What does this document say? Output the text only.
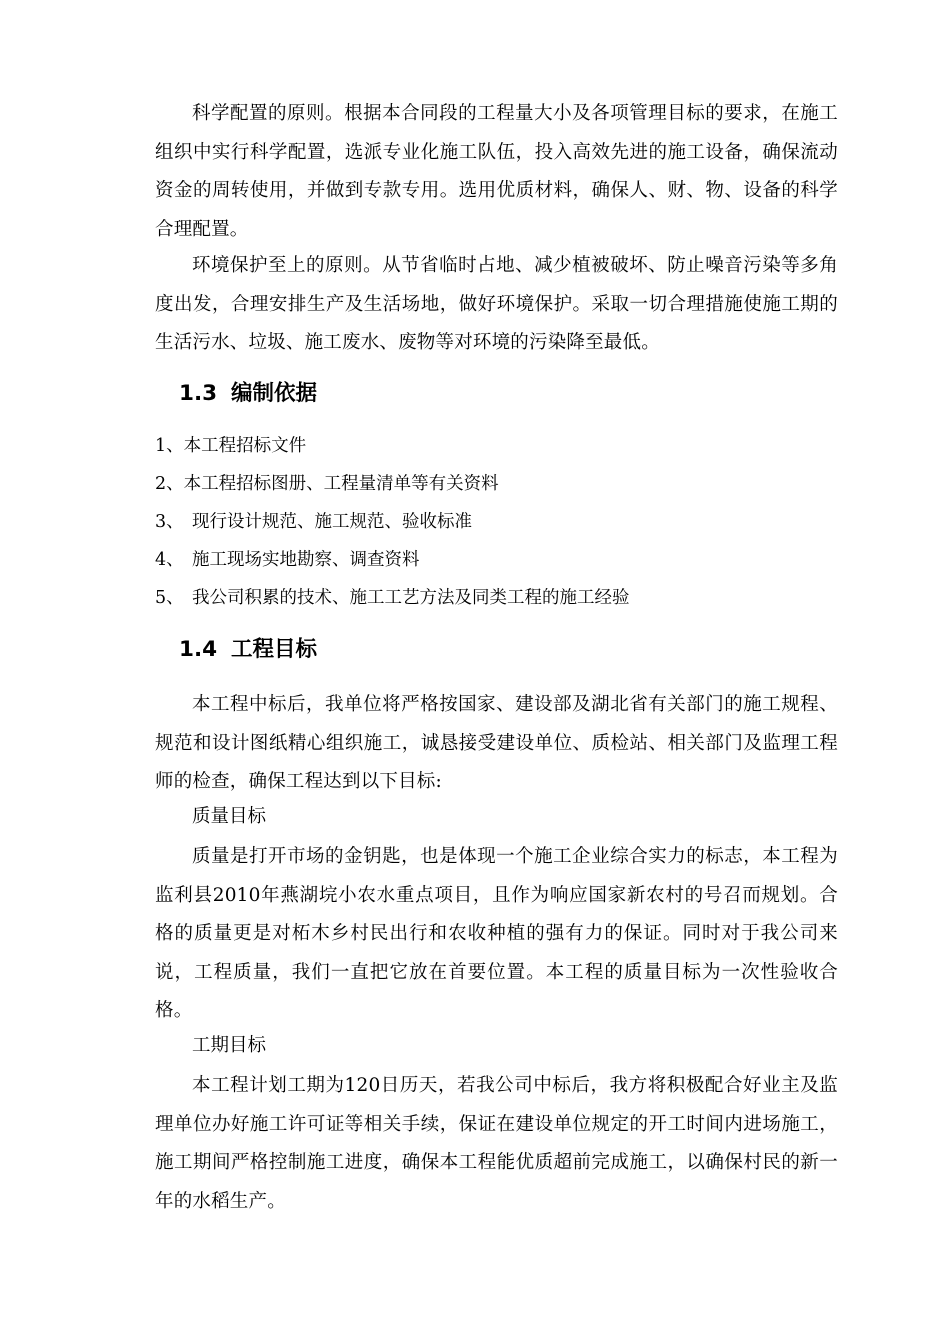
科学配置的原则。根据本合同段的工程量大小及各项管理目标的要求，在施工组织中实行科学配置，选派专业化施工队伍，投入高效先进的施工设备，确保流动资金的周转使用，并做到专款专用。选用优质材料，确保人、财、物、设备的科学合理配置。

环境保护至上的原则。从节省临时占地、减少植被破坏、防止噪音污染等多角度出发，合理安排生产及生活场地，做好环境保护。采取一切合理措施使施工期的生活污水、垃圾、施工废水、废物等对环境的污染降至最低。

1.3 编制依据
1、本工程招标文件
2、本工程招标图册、工程量清单等有关资料
3、 现行设计规范、施工规范、验收标准
4、 施工现场实地勘察、调查资料
5、 我公司积累的技术、施工工艺方法及同类工程的施工经验
1.4 工程目标

本工程中标后，我单位将严格按国家、建设部及湖北省有关部门的施工规程、规范和设计图纸精心组织施工，诚恳接受建设单位、质检站、相关部门及监理工程师的检查，确保工程达到以下目标:

质量目标

质量是打开市场的金钥匙，也是体现一个施工企业综合实力的标志，本工程为监利县2010年燕湖垸小农水重点项目，且作为响应国家新农村的号召而规划。合格的质量更是对柘木乡村民出行和农收种植的强有力的保证。同时对于我公司来说，工程质量，我们一直把它放在首要位置。本工程的质量目标为一次性验收合格。

工期目标

本工程计划工期为120日历天，若我公司中标后，我方将积极配合好业主及监理单位办好施工许可证等相关手续，保证在建设单位规定的开工时间内进场施工，施工期间严格控制施工进度，确保本工程能优质超前完成施工，以确保村民的新一年的水稻生产。
